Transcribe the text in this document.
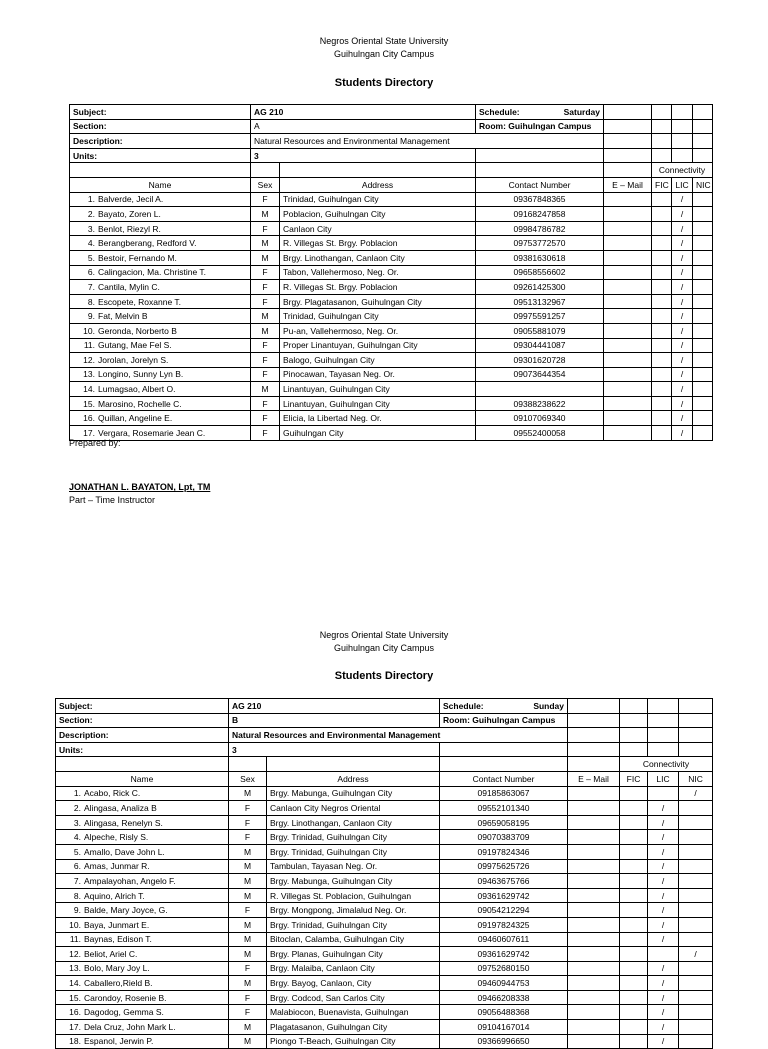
Negros Oriental State University
Guihulngan City Campus
Students Directory
Subject:	AG 210		Schedule: Saturday				

Section:	A		Room: Guihulngan Campus				
Description:	Natural Resources and Environmental Management						
Units:	3						
					Connectivity		
Name	Sex	Address	Contact Number	E – Mail	FIC	LIC	NIC
1. Balverde, Jecil A.	F	Trinidad, Guihulngan City	09367848365			/	
2. Bayato, Zoren L.	M	Poblacion, Guihulngan City	09168247858			/	
3. Benlot, Riezyl R.	F	Canlaon City	09984786782			/	
4. Berangberang, Redford V.	M	R. Villegas St. Brgy. Poblacion	09753772570			/	
5. Bestoir, Fernando M.	M	Brgy. Linothangan, Canlaon City	09381630618			/	
6. Calingacion, Ma. Christine T.	F	Tabon, Vallehermoso, Neg. Or.	09658556602			/	
7. Cantila, Mylin C.	F	R. Villegas St. Brgy. Poblacion	09261425300			/	
8. Escopete, Roxanne T.	F	Brgy. Plagatasanon, Guihulngan City	09513132967			/	
9. Fat, Melvin B	M	Trinidad, Guihulngan City	09975591257			/	
10. Geronda, Norberto B	M	Pu-an, Vallehermoso, Neg. Or.	09055881079			/	
11. Gutang, Mae Fel S.	F	Proper Linantuyan, Guihulngan City	09304441087			/	
12. Jorolan, Jorelyn S.	F	Balogo, Guihulngan City	09301620728			/	
13. Longino, Sunny Lyn B.	F	Pinocawan, Tayasan Neg. Or.	09073644354			/	
14. Lumagsao, Albert O.	M	Linantuyan, Guihulngan City				/	
15. Marosino, Rochelle C.	F	Linantuyan, Guihulngan City	09388238622			/	
16. Quillan, Angeline E.	F	Elicia, la Libertad Neg. Or.	09107069340			/	
17. Vergara, Rosemarie Jean C.	F	Guihulngan City	09552400058			/	
Prepared by:
JONATHAN L. BAYATON, Lpt, TM
Part – Time Instructor
Negros Oriental State University
Guihulngan City Campus
Students Directory
Subject:	AG 210		Schedule: Sunday				

Section:	B		Room: Guihulngan Campus				
Description:	Natural Resources and Environmental Management						
Units:	3						
					Connectivity		
Name	Sex	Address	Contact Number	E – Mail	FIC	LIC	NIC
1. Acabo, Rick C.	M	Brgy. Mabunga, Guihulngan City	09185863067				/
2. Alingasa, Analiza B	F	Canlaon City Negros Oriental	09552101340			/	
3. Alingasa, Renelyn S.	F	Brgy. Linothangan, Canlaon City	09659058195			/	
4. Alpeche, Risly S.	F	Brgy. Trinidad, Guihulngan City	09070383709			/	
5. Amallo, Dave John L.	M	Brgy. Trinidad, Guihulngan City	09197824346			/	
6. Amas, Junmar R.	M	Tambulan, Tayasan Neg. Or.	09975625726			/	
7. Ampalayohan, Angelo F.	M	Brgy. Mabunga, Guihulngan City	09463675766			/	
8. Aquino, Alrich T.	M	R. Villegas St. Poblacion, Guihulngan	09361629742			/	
9. Balde, Mary Joyce, G.	F	Brgy. Mongpong, Jimalalud Neg. Or.	09054212294			/	
10. Baya, Junmart E.	M	Brgy. Trinidad, Guihulngan City	09197824325			/	
11. Baynas, Edison T.	M	Bitoclan, Calamba, Guihulngan City	09460607611			/	
12. Beliot, Ariel C.	M	Brgy. Planas, Guihulngan City	09361629742				/
13. Bolo, Mary Joy L.	F	Brgy. Malaiba, Canlaon City	09752680150			/	
14. Caballero,Rield B.	M	Brgy. Bayog, Canlaon, City	09460944753			/	
15. Carondoy, Rosenie B.	F	Brgy. Codcod, San Carlos City	09466208338			/	
16. Dagodog, Gemma S.	F	Malabiocon, Buenavista, Guihulngan	09056488368			/	
17. Dela Cruz, John Mark L.	M	Plagatasanon, Guihulngan City	09104167014			/	
18. Espanol, Jerwin P.	M	Piongo T-Beach, Guihulngan City	09366996650			/	
